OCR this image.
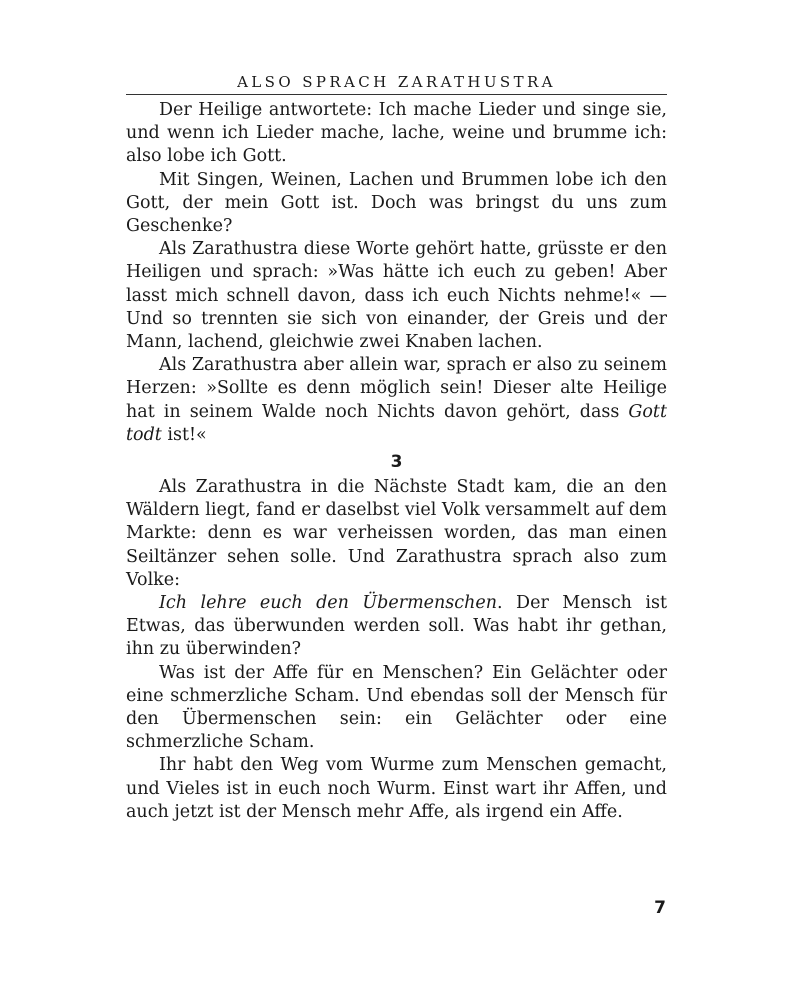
ALSO SPRACH ZARATHUSTRA

Der Heilige antwortete: Ich mache Lieder und singe sie, und wenn ich Lieder mache, lache, weine und brumme ich: also lobe ich Gott.

Mit Singen, Weinen, Lachen und Brummen lobe ich den Gott, der mein Gott ist. Doch was bringst du uns zum Geschenke?

Als Zarathustra diese Worte gehört hatte, grüsste er den Heiligen und sprach: »Was hätte ich euch zu geben! Aber lasst mich schnell davon, dass ich euch Nichts nehme!« — Und so trennten sie sich von einander, der Greis und der Mann, lachend, gleichwie zwei Knaben lachen.

Als Zarathustra aber allein war, sprach er also zu seinem Herzen: »Sollte es denn möglich sein! Dieser alte Heilige hat in seinem Walde noch Nichts davon gehört, dass Gott todt ist!«

3

Als Zarathustra in die Nächste Stadt kam, die an den Wäldern liegt, fand er daselbst viel Volk versammelt auf dem Markte: denn es war verheissen worden, das man einen Seiltänzer sehen solle. Und Zarathustra sprach also zum Volke:

Ich lehre euch den Übermenschen. Der Mensch ist Etwas, das überwunden werden soll. Was habt ihr gethan, ihn zu überwinden?

Was ist der Affe für en Menschen? Ein Gelächter oder eine schmerzliche Scham. Und ebendas soll der Mensch für den Übermenschen sein: ein Gelächter oder eine schmerzliche Scham.

Ihr habt den Weg vom Wurme zum Menschen gemacht, und Vieles ist in euch noch Wurm. Einst wart ihr Affen, und auch jetzt ist der Mensch mehr Affe, als irgend ein Affe.

7
